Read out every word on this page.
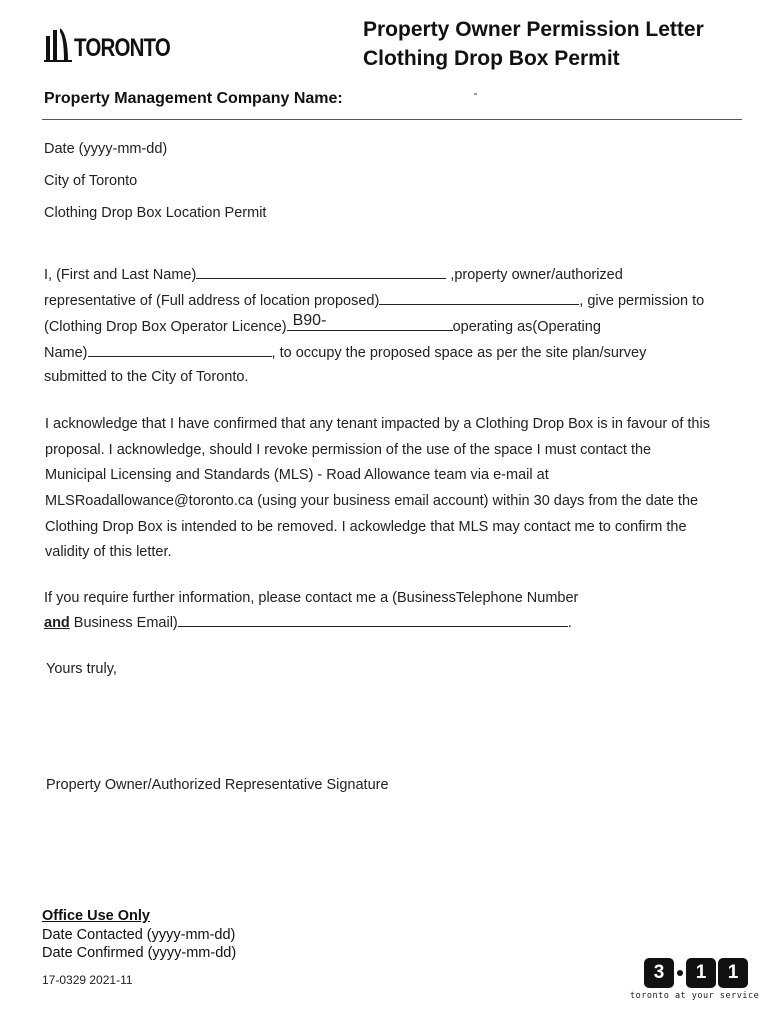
TORONTO
Property Owner Permission Letter
Clothing Drop Box Permit
Property Management Company Name:
Date (yyyy-mm-dd)
City of Toronto
Clothing Drop Box Location Permit
I, (First and Last Name)	,property owner/authorized
representative of (Full address of location proposed)	, give permission to
(Clothing Drop Box Operator Licence) B90-	operating as(Operating
Name)	, to occupy the proposed space as per the site plan/survey
submitted to the City of Toronto.
I acknowledge that I have confirmed that any tenant impacted by a Clothing Drop Box is in favour of this
proposal. I acknowledge, should I revoke permission of the use of the space I must contact the
Municipal Licensing and Standards (MLS) - Road Allowance team via e-mail at
MLSRoadallowance@toronto.ca (using your business email account) within 30 days from the date the
Clothing Drop Box is intended to be removed. I ackowledge that MLS may contact me to confirm the
validity of this letter.
If you require further information, please contact me a (BusinessTelephone Number
and Business Email)	.
Yours truly,
Property Owner/Authorized Representative Signature
Office Use Only
Date Contacted (yyyy-mm-dd)
Date Confirmed (yyyy-mm-dd)
17-0329 2021-11	3	1	1
toronto at your service
